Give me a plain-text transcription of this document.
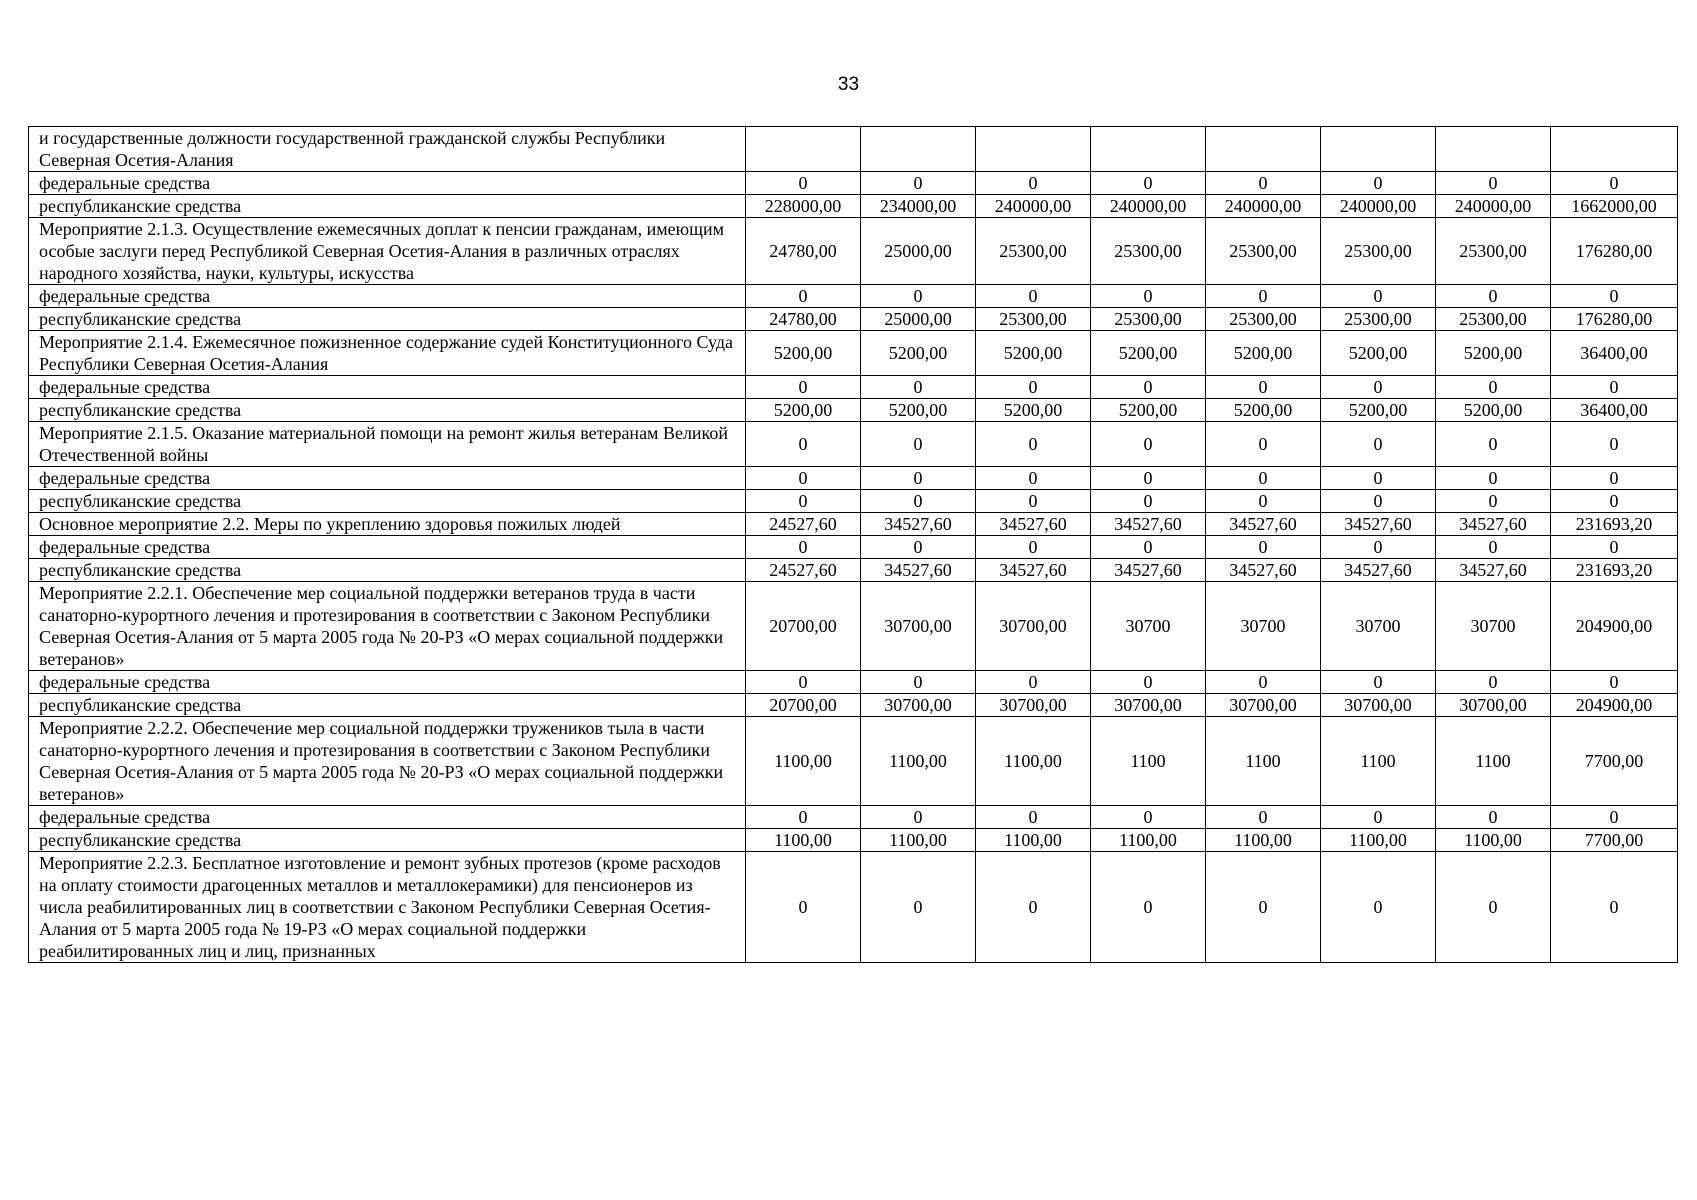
33
и государственные должности государственной гражданской службы Республики Северная Осетия-Алания								
федеральные средства	0	0	0	0	0	0	0	0
республиканские средства	228000,00	234000,00	240000,00	240000,00	240000,00	240000,00	240000,00	1662000,00
Мероприятие 2.1.3. Осуществление ежемесячных доплат к пенсии гражданам, имеющим особые заслуги перед Республикой Северная Осетия-Алания в различных отраслях народного хозяйства, науки, культуры, искусства	24780,00	25000,00	25300,00	25300,00	25300,00	25300,00	25300,00	176280,00
федеральные средства	0	0	0	0	0	0	0	0
республиканские средства	24780,00	25000,00	25300,00	25300,00	25300,00	25300,00	25300,00	176280,00
Мероприятие 2.1.4. Ежемесячное пожизненное содержание судей Конституционного Суда Республики Северная Осетия-Алания	5200,00	5200,00	5200,00	5200,00	5200,00	5200,00	5200,00	36400,00
федеральные средства	0	0	0	0	0	0	0	0
республиканские средства	5200,00	5200,00	5200,00	5200,00	5200,00	5200,00	5200,00	36400,00
Мероприятие 2.1.5. Оказание материальной помощи на ремонт жилья ветеранам Великой Отечественной войны	0	0	0	0	0	0	0	0
федеральные средства	0	0	0	0	0	0	0	0
республиканские средства	0	0	0	0	0	0	0	0
Основное мероприятие 2.2. Меры по укреплению здоровья пожилых людей	24527,60	34527,60	34527,60	34527,60	34527,60	34527,60	34527,60	231693,20
федеральные средства	0	0	0	0	0	0	0	0
республиканские средства	24527,60	34527,60	34527,60	34527,60	34527,60	34527,60	34527,60	231693,20
Мероприятие 2.2.1. Обеспечение мер социальной поддержки ветеранов труда в части санаторно-курортного лечения и протезирования в соответствии с Законом Республики Северная Осетия-Алания от 5 марта 2005 года № 20-РЗ «О мерах социальной поддержки ветеранов»	20700,00	30700,00	30700,00	30700	30700	30700	30700	204900,00
федеральные средства	0	0	0	0	0	0	0	0
республиканские средства	20700,00	30700,00	30700,00	30700,00	30700,00	30700,00	30700,00	204900,00
Мероприятие 2.2.2. Обеспечение мер социальной поддержки тружеников тыла в части санаторно-курортного лечения и протезирования в соответствии с Законом Республики Северная Осетия-Алания от 5 марта 2005 года № 20-РЗ «О мерах социальной поддержки ветеранов»	1100,00	1100,00	1100,00	1100	1100	1100	1100	7700,00
федеральные средства	0	0	0	0	0	0	0	0
республиканские средства	1100,00	1100,00	1100,00	1100,00	1100,00	1100,00	1100,00	7700,00
Мероприятие 2.2.3. Бесплатное изготовление и ремонт зубных протезов (кроме расходов на оплату стоимости драгоценных металлов и металлокерамики) для пенсионеров из числа реабилитированных лиц в соответствии с Законом Республики Северная Осетия-Алания от 5 марта 2005 года № 19-РЗ «О мерах социальной поддержки реабилитированных лиц и лиц, признанных	0	0	0	0	0	0	0	0
